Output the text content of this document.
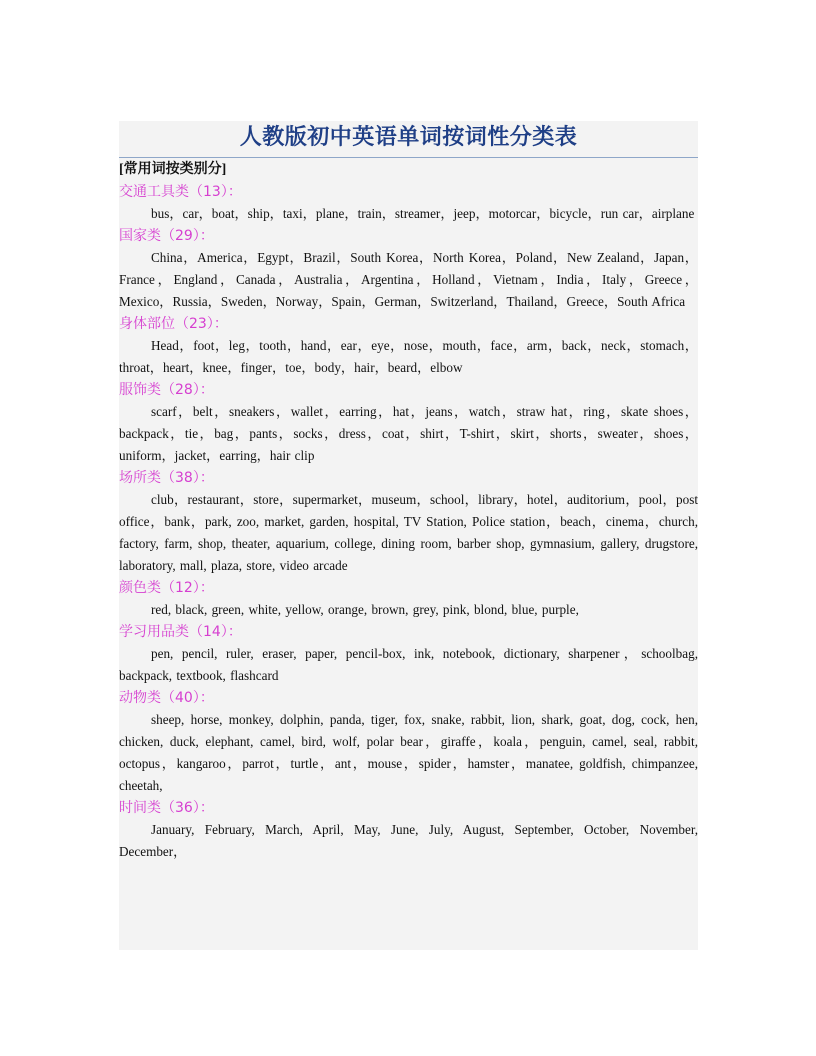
人教版初中英语单词按词性分类表

[常用词按类别分]

交通工具类（13）：

bus，car，boat，ship，taxi，plane，train，streamer，jeep，motorcar，bicycle，run car，airplane

国家类（29）：

China，America，Egypt，Brazil，South Korea，North Korea，Poland，New Zealand，Japan，France，England，Canada，Australia，Argentina，Holland，Vietnam，India，Italy，Greece，Mexico，Russia，Sweden，Norway，Spain，German，Switzerland，Thailand，Greece，South Africa

身体部位（23）：

Head，foot，leg，tooth，hand，ear，eye，nose，mouth，face，arm，back，neck，stomach，throat，heart，knee，finger，toe，body，hair，beard，elbow

服饰类（28）：

scarf，belt，sneakers，wallet，earring，hat，jeans，watch，straw hat，ring，skate shoes，backpack，tie，bag，pants，socks，dress，coat，shirt，T-shirt，skirt，shorts，sweater，shoes，uniform，jacket，earring，hair clip

场所类（38）：

club，restaurant，store，supermarket，museum，school，library，hotel，auditorium，pool，post office，bank，park, zoo, market, garden, hospital, TV Station, Police station，beach，cinema，church, factory, farm, shop, theater, aquarium, college, dining room, barber shop, gymnasium, gallery, drugstore, laboratory, mall, plaza, store, video arcade

颜色类（12）：

red, black, green, white, yellow, orange, brown, grey, pink, blond, blue, purple,

学习用品类（14）：

pen, pencil, ruler, eraser, paper, pencil-box, ink, notebook, dictionary, sharpener，schoolbag, backpack, textbook, flashcard

动物类（40）：

sheep, horse, monkey, dolphin, panda, tiger, fox, snake, rabbit, lion, shark, goat, dog, cock, hen, chicken, duck, elephant, camel, bird, wolf, polar bear，giraffe，koala，penguin, camel, seal, rabbit, octopus，kangaroo，parrot，turtle，ant，mouse，spider，hamster，manatee, goldfish, chimpanzee, cheetah,

时间类（36）：

January, February, March, April, May, June, July, August, September, October, November, December，
